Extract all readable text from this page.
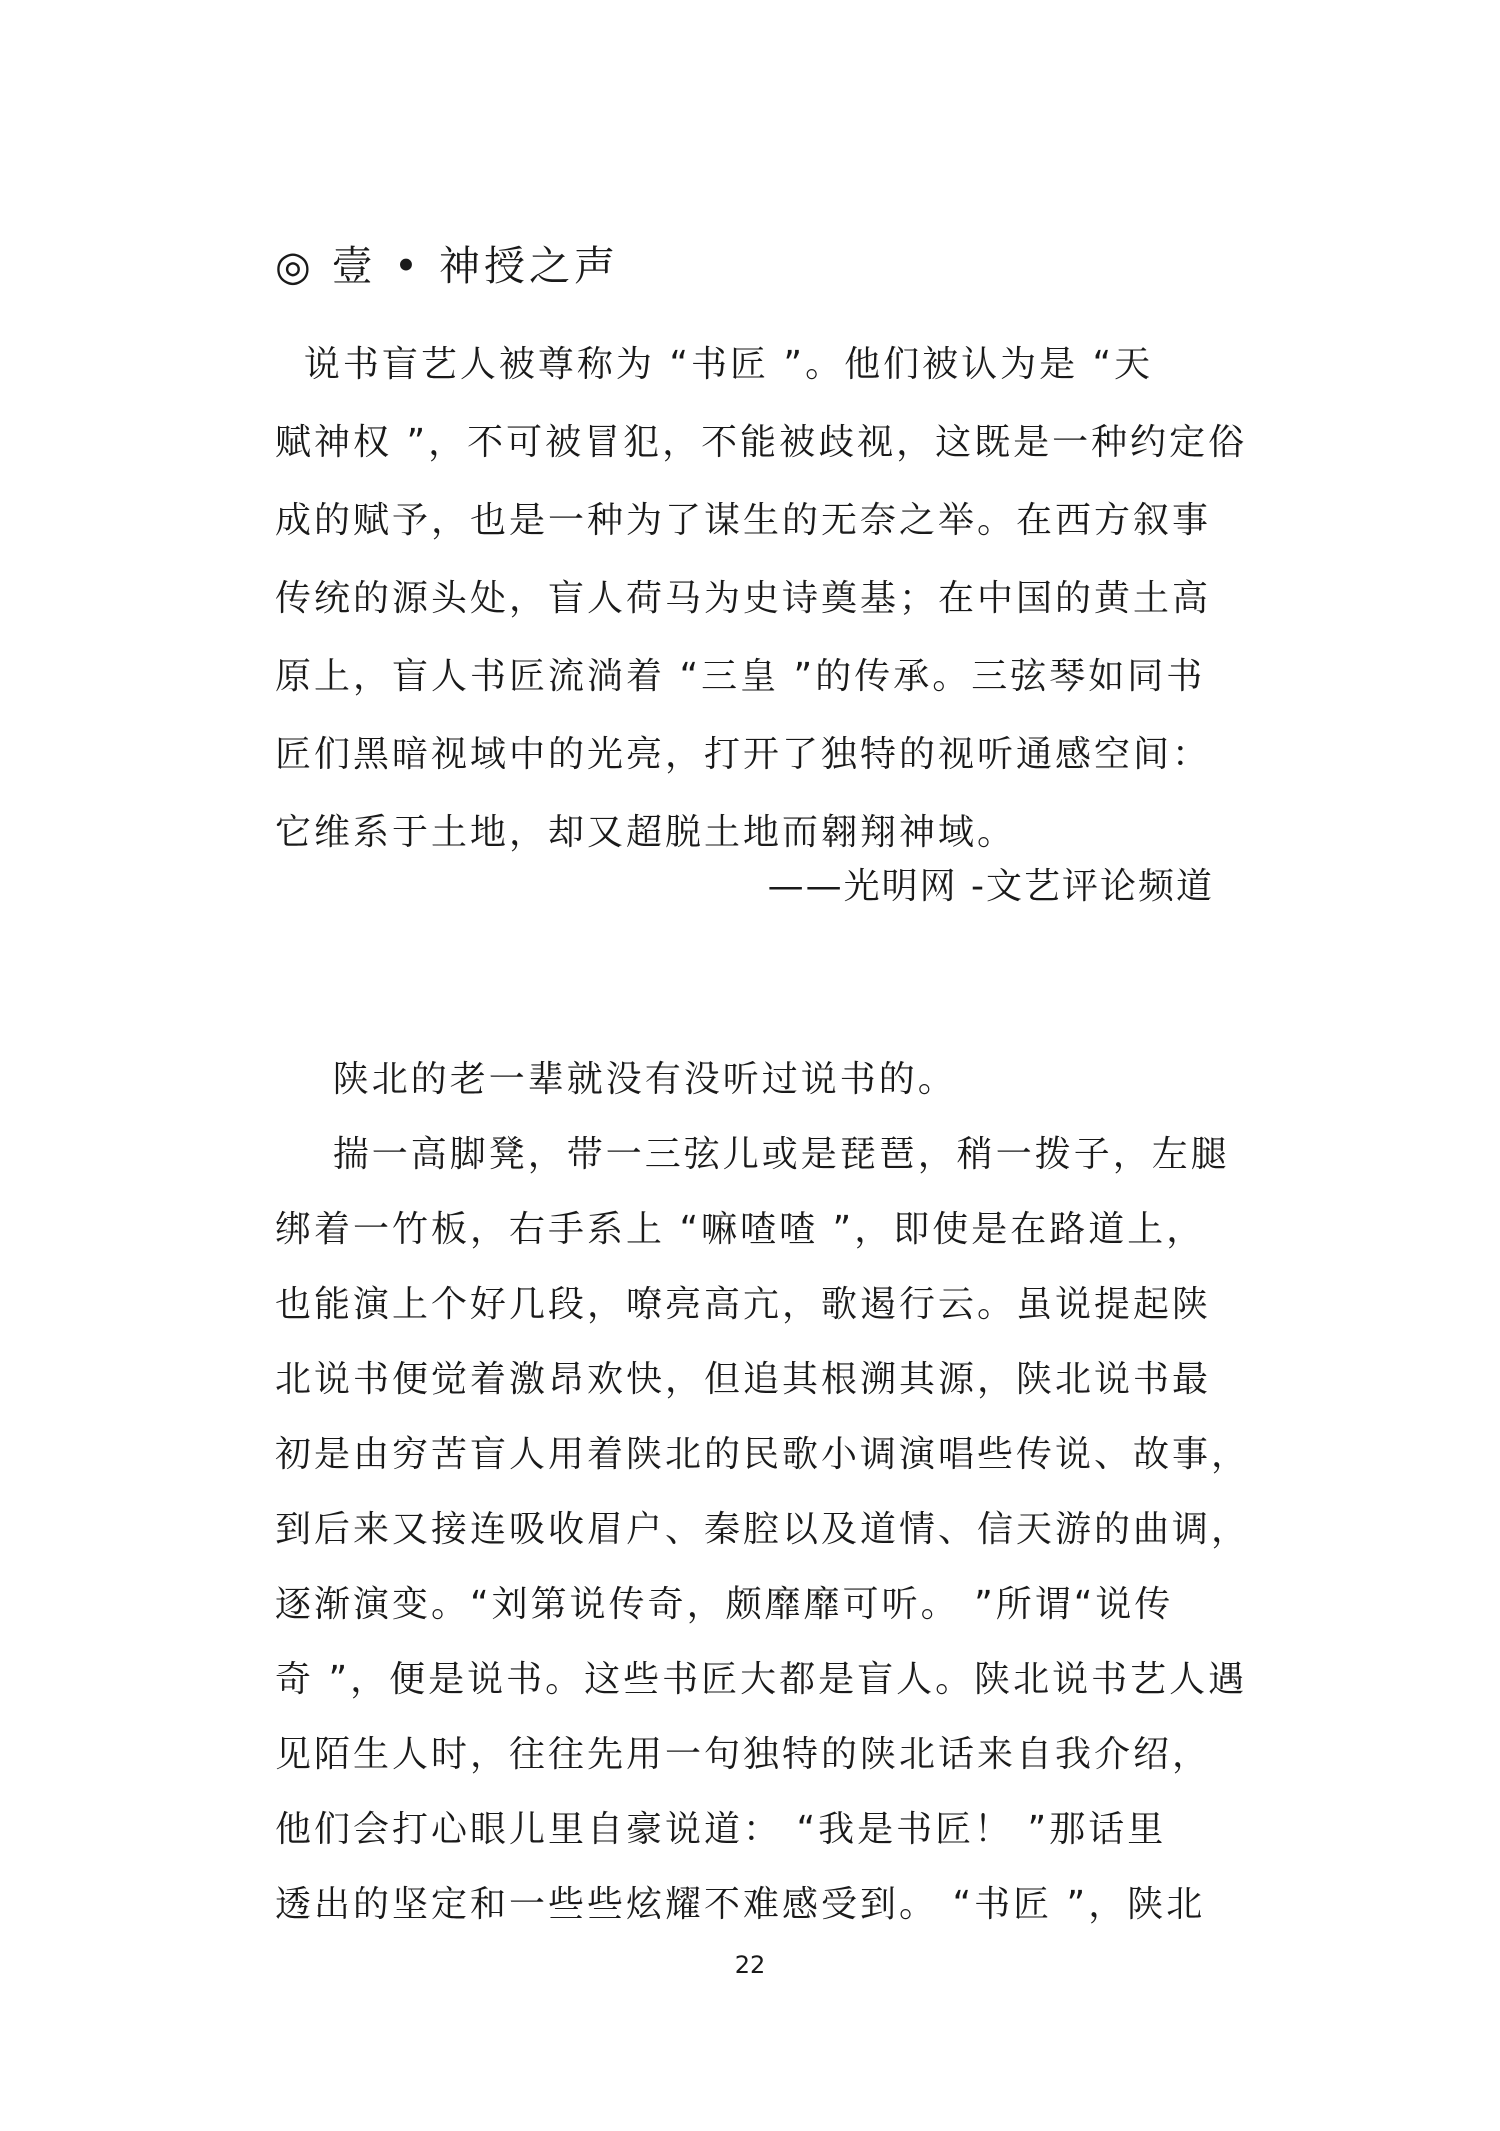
◎ 壹 • 神授之声
说书盲艺人被尊称为 “书匠 ”。他们被认为是 “天
赋神权 ”，不可被冒犯，不能被歧视，这既是一种约定俗
成的赋予，也是一种为了谋生的无奈之举。在西方叙事
传统的源头处，盲人荷马为史诗奠基；在中国的黄土高
原上，盲人书匠流淌着 “三皇 ”的传承。三弦琴如同书
匠们黑暗视域中的光亮，打开了独特的视听通感空间：
它维系于土地，却又超脱土地而翱翔神域。
——光明网 -文艺评论频道
陕北的老一辈就没有没听过说书的。
揣一高脚凳，带一三弦儿或是琵琶，稍一拨子，左腿
绑着一竹板，右手系上 “嘛喳喳 ”，即使是在路道上，
也能演上个好几段，嘹亮高亢，歌遏行云。虽说提起陕
北说书便觉着激昂欢快，但追其根溯其源，陕北说书最
初是由穷苦盲人用着陕北的民歌小调演唱些传说、故事，
到后来又接连吸收眉户、秦腔以及道情、信天游的曲调，
逐渐演变。“刘第说传奇，颇靡靡可听。 ”所谓“说传
奇 ”，便是说书。这些书匠大都是盲人。陕北说书艺人遇
见陌生人时，往往先用一句独特的陕北话来自我介绍，
他们会打心眼儿里自豪说道： “我是书匠！ ”那话里
透出的坚定和一些些炫耀不难感受到。 “书匠 ”，陕北
22
